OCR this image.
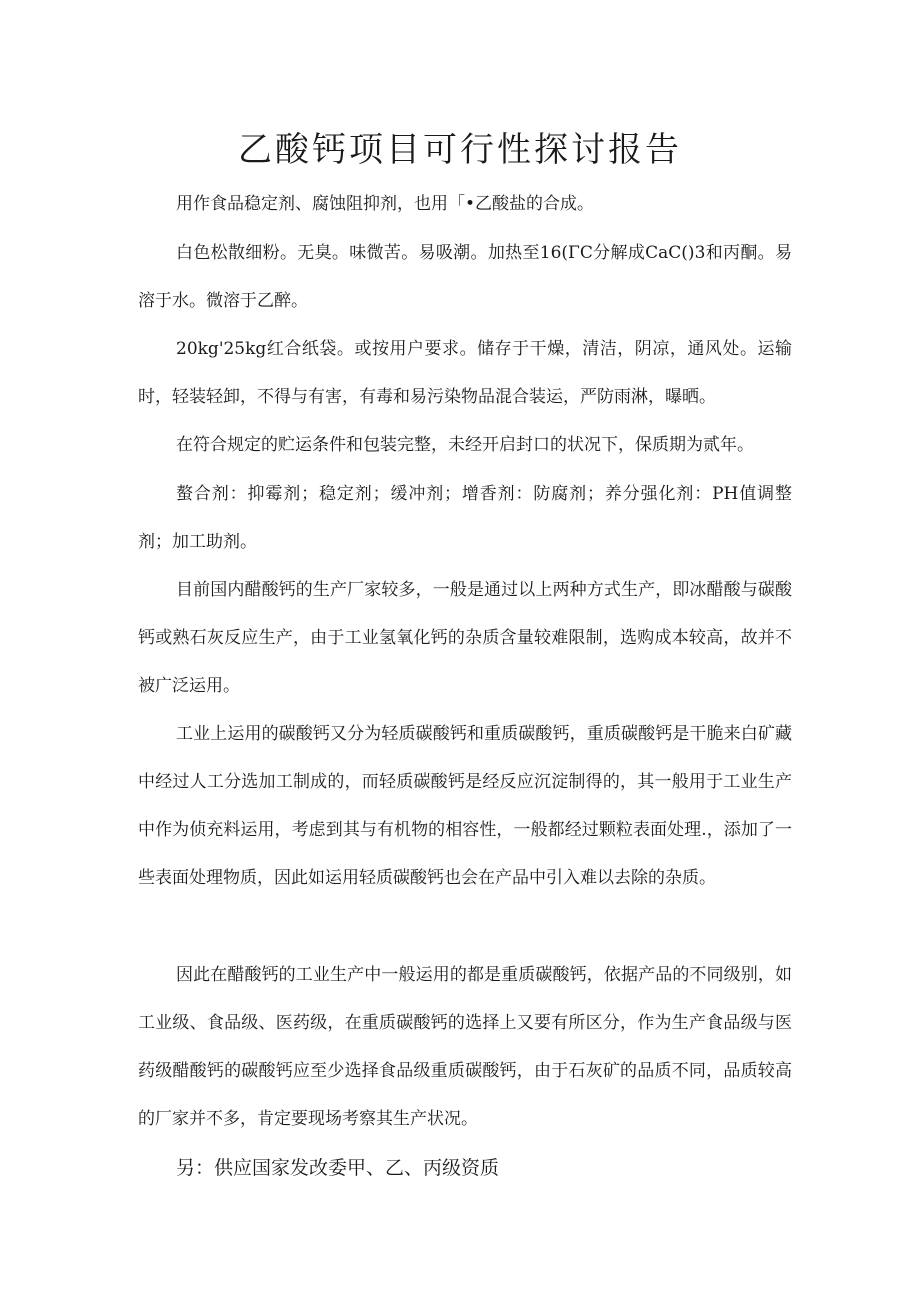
乙酸钙项目可行性探讨报告

用作食品稳定剂、腐蚀阻抑剂，也用「•乙酸盐的合成。

白色松散细粉。无臭。味微苦。易吸潮。加热至16(ΓC分解成CaC()3和丙酮。易溶于水。微溶于乙醉。

20kg'25kg红合纸袋。或按用户要求。储存于干燥，清洁，阴凉，通风处。运输时，轻装轻卸，不得与有害，有毒和易污染物品混合装运，严防雨淋，曝晒。

在符合规定的贮运条件和包装完整，未经开启封口的状况下，保质期为贰年。

螯合剂：抑霉剂；稳定剂；缓冲剂；增香剂：防腐剂；养分强化剂：PH值调整剂；加工助剂。

目前国内醋酸钙的生产厂家较多，一般是通过以上两种方式生产，即冰醋酸与碳酸钙或熟石灰反应生产，由于工业氢氧化钙的杂质含量较难限制，选购成本较高，故并不被广泛运用。

工业上运用的碳酸钙又分为轻质碳酸钙和重质碳酸钙，重质碳酸钙是干脆来白矿藏中经过人工分选加工制成的，而轻质碳酸钙是经反应沉淀制得的，其一般用于工业生产中作为侦充料运用，考虑到其与有机物的相容性，一般都经过颗粒表面处理.，添加了一些表面处理物质，因此如运用轻质碳酸钙也会在产品中引入难以去除的杂质。

因此在醋酸钙的工业生产中一般运用的都是重质碳酸钙，依据产品的不同级别，如工业级、食品级、医药级，在重质碳酸钙的选择上又要有所区分，作为生产食品级与医药级醋酸钙的碳酸钙应至少选择食品级重质碳酸钙，由于石灰矿的品质不同，品质较高的厂家并不多，肯定要现场考察其生产状况。

另：供应国家发改委甲、乙、丙级资质
